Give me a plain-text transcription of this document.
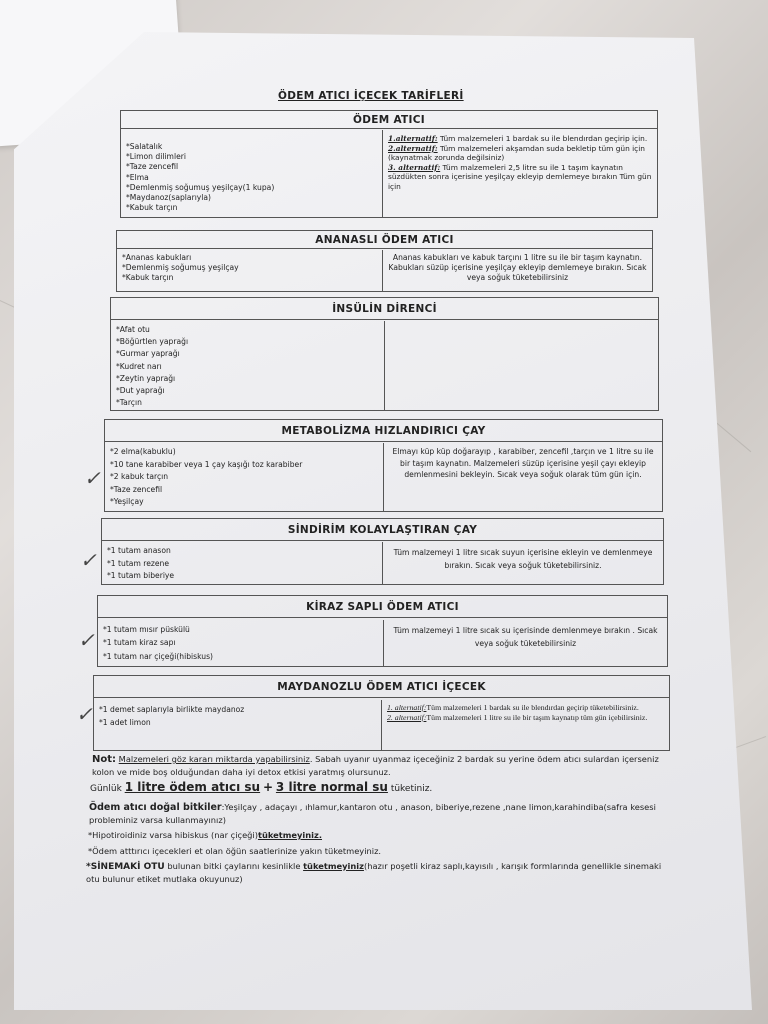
ÖDEM ATICI İÇECEK TARİFLERİ
ÖDEM ATICI
*Salatalık
*Limon dilimleri
*Taze zencefil
*Elma
*Demlenmiş soğumuş yeşilçay(1 kupa)
*Maydanoz(saplarıyla)
*Kabuk tarçın
1.alternatif: Tüm malzemeleri 1 bardak su ile blendırdan geçirip için.
2.alternatif: Tüm malzemeleri akşamdan suda bekletip tüm gün için (kaynatmak zorunda değilsiniz)
3. alternatif: Tüm malzemeleri 2,5 litre su ile 1 taşım kaynatın süzdükten sonra içerisine yeşilçay ekleyip demlemeye bırakın Tüm gün için
ANANASLI ÖDEM ATICI
*Ananas kabukları
*Demlenmiş soğumuş yeşilçay
*Kabuk tarçın
Ananas kabukları ve kabuk tarçını 1 litre su ile bir taşım kaynatın. Kabukları süzüp içerisine yeşilçay ekleyip demlemeye bırakın. Sıcak veya soğuk tüketebilirsiniz
İNSÜLİN DİRENCİ
*Afat otu
*Böğürtlen yaprağı
*Gurmar yaprağı
*Kudret narı
*Zeytin yaprağı
*Dut yaprağı
*Tarçın
METABOLİZMA HIZLANDIRICI ÇAY
*2 elma(kabuklu)
*10 tane karabiber veya 1 çay kaşığı toz karabiber
*2 kabuk tarçın
*Taze zencefil
*Yeşilçay
Elmayı küp küp doğarayıp , karabiber, zencefil ,tarçın ve 1 litre su ile bir taşım kaynatın. Malzemeleri süzüp içerisine yeşil çayı ekleyip demlenmesini bekleyin. Sıcak veya soğuk olarak tüm gün için.
SİNDİRİM KOLAYLAŞTIRAN ÇAY
*1 tutam anason
*1 tutam rezene
*1 tutam biberiye
Tüm malzemeyi 1 litre sıcak suyun içerisine ekleyin ve demlenmeye bırakın. Sıcak veya soğuk tüketebilirsiniz.
KİRAZ SAPLI ÖDEM ATICI
*1 tutam mısır püskülü
*1 tutam kiraz sapı
*1 tutam nar çiçeği(hibiskus)
Tüm malzemeyi 1 litre sıcak su içerisinde demlenmeye bırakın . Sıcak veya soğuk tüketebilirsiniz
MAYDANOZLU ÖDEM ATICI İÇECEK
*1 demet saplarıyla birlikte maydanoz
*1 adet limon
1. alternatif:Tüm malzemeleri 1 bardak su ile blendırdan geçirip tüketebilirsiniz.
2. alternatif:Tüm malzemeleri 1 litre su ile bir taşım kaynatıp tüm gün içebilirsiniz.
Not: Malzemeleri göz kararı miktarda yapabilirsiniz. Sabah uyanır uyanmaz içeceğiniz 2 bardak su yerine ödem atıcı sulardan içerseniz kolon ve mide boş olduğundan daha iyi detox etkisi yaratmış olursunuz.
Günlük 1 litre ödem atıcı su + 3 litre normal su tüketiniz.
Ödem atıcı doğal bitkiler:Yeşilçay , adaçayı , ıhlamur,kantaron otu , anason, biberiye,rezene ,nane limon,karahindiba(safra kesesi probleminiz varsa kullanmayınız)
*Hipotiroidiniz varsa hibiskus (nar çiçeği)tüketmeyiniz.
*Ödem atttırıcı içecekleri et olan öğün saatlerinize yakın tüketmeyiniz.
*SİNEMAKİ OTU bulunan bitki çaylarını kesinlikle tüketmeyiniz(hazır poşetli kiraz saplı,kayısılı , karışık formlarında genellikle sinemaki otu bulunur etiket mutlaka okuyunuz)
✓
✓
✓
✓
